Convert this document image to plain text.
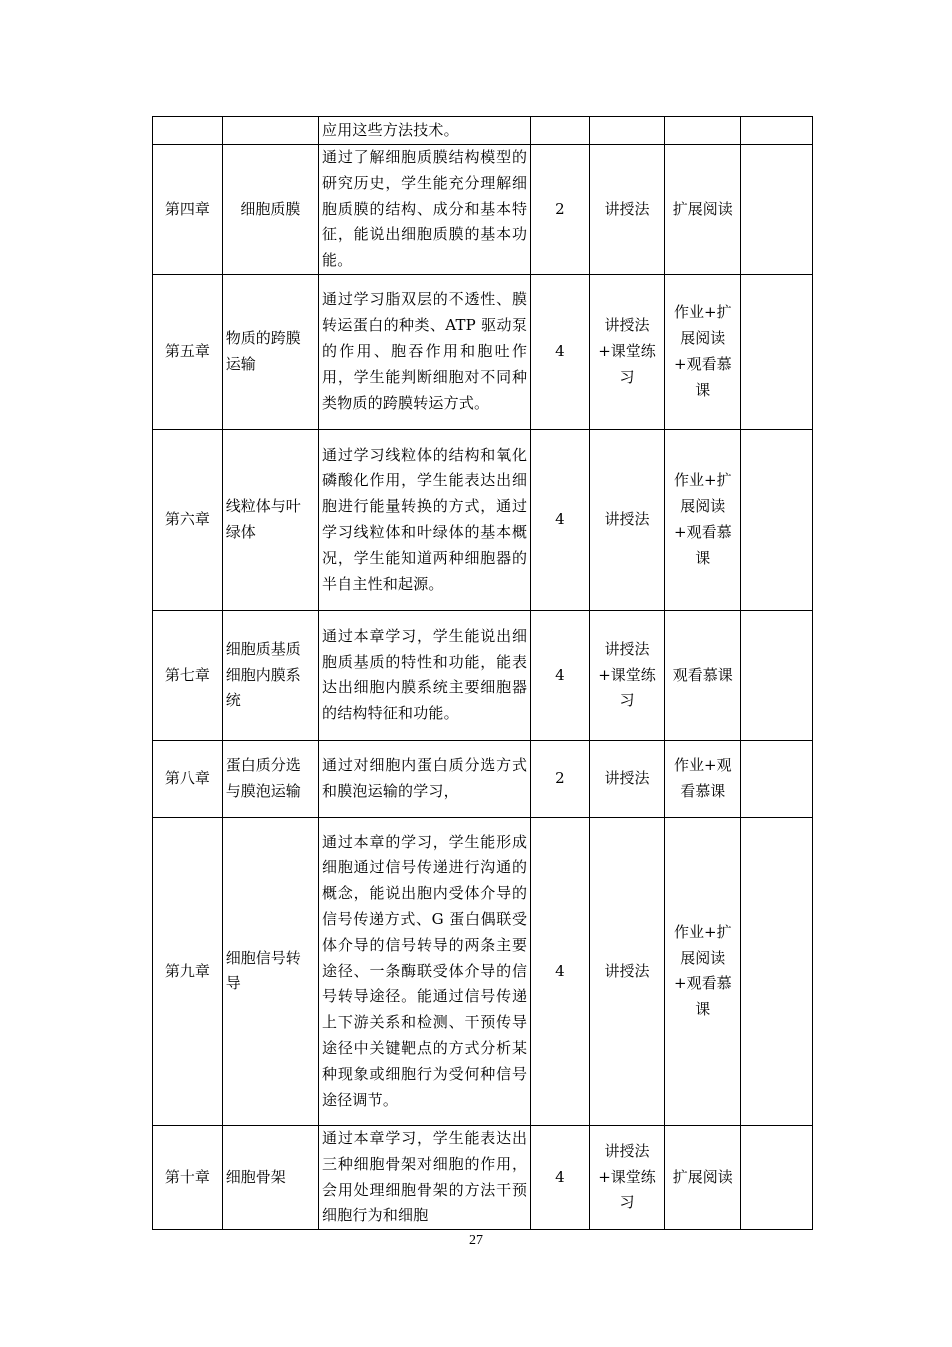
		应用这些方法技术。				
第四章	细胞质膜	通过了解细胞质膜结构模型的研究历史，学生能充分理解细胞质膜的结构、成分和基本特征，能说出细胞质膜的基本功能。	2	讲授法	扩展阅读	
第五章	物质的跨膜运输	通过学习脂双层的不透性、膜转运蛋白的种类、ATP 驱动泵的作用、胞吞作用和胞吐作用，学生能判断细胞对不同种类物质的跨膜转运方式。	4	讲授法+课堂练习	作业+扩展阅读+观看慕课	
第六章	线粒体与叶绿体	通过学习线粒体的结构和氧化磷酸化作用，学生能表达出细胞进行能量转换的方式，通过学习线粒体和叶绿体的基本概况，学生能知道两种细胞器的半自主性和起源。	4	讲授法	作业+扩展阅读+观看慕课	
第七章	细胞质基质细胞内膜系统	通过本章学习，学生能说出细胞质基质的特性和功能，能表达出细胞内膜系统主要细胞器的结构特征和功能。	4	讲授法+课堂练习	观看慕课	
第八章	蛋白质分选与膜泡运输	通过对细胞内蛋白质分选方式和膜泡运输的学习，	2	讲授法	作业+观看慕课	
第九章	细胞信号转导	通过本章的学习，学生能形成细胞通过信号传递进行沟通的概念，能说出胞内受体介导的信号传递方式、G 蛋白偶联受体介导的信号转导的两条主要途径、一条酶联受体介导的信号转导途径。能通过信号传递上下游关系和检测、干预传导途径中关键靶点的方式分析某种现象或细胞行为受何种信号途径调节。	4	讲授法	作业+扩展阅读+观看慕课	
第十章	细胞骨架	通过本章学习，学生能表达出三种细胞骨架对细胞的作用，会用处理细胞骨架的方法干预细胞行为和细胞	4	讲授法+课堂练习	扩展阅读	
27
